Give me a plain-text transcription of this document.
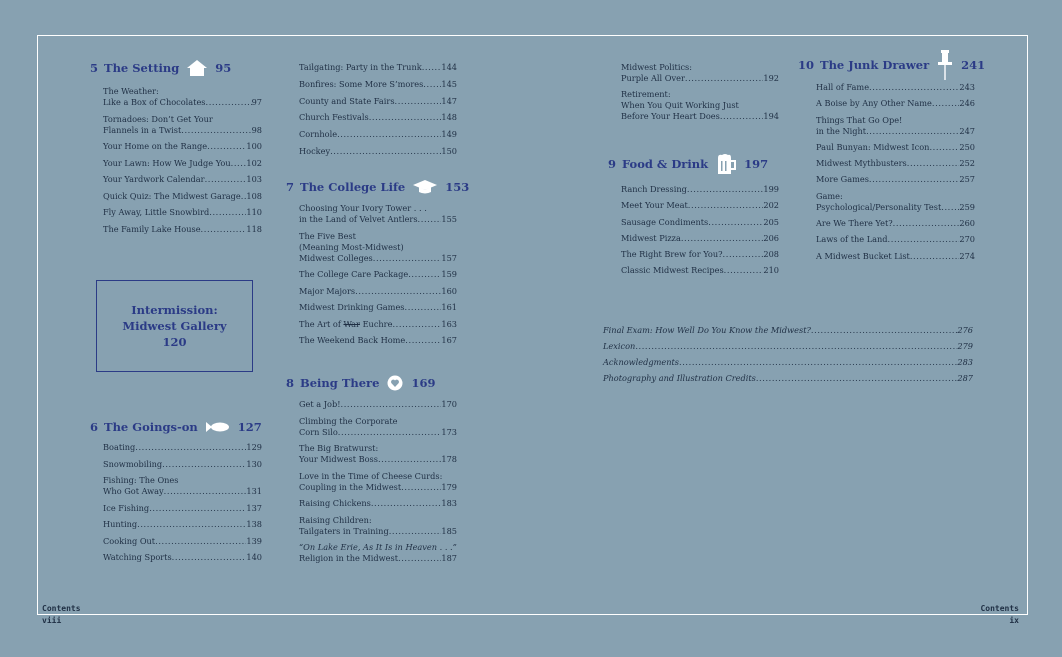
5 The Setting	95
The Weather:
Like a Box of Chocolates . . .	97
Tornadoes: Don’t Get Your
Flannels in a Twist . . .	98
Your Home on the Range . . .	100
Your Lawn: How We Judge You . . . 102
Your Yardwork Calendar . . .	103
Quick Quiz: The Midwest Garage . . . 108
Fly Away, Little Snowbird . . .	110
The Family Lake House . . .	118
Intermission:
Midwest Gallery
120
6 The Goings-on	127
Boating . . .	129
Snowmobiling . . .	130
Fishing: The Ones
Who Got Away . . .	131
Ice Fishing . . .	137
Hunting . . .	138
Cooking Out . . .	139
Watching Sports . . .	140
Tailgating: Party in the Trunk . . . 144
Bonfires: Some More S’mores . . . 145
County and State Fairs . . .	147
Church Festivals . . .	148
Cornhole . . .	149
Hockey . . .	150
7 The College Life	153
Choosing Your Ivory Tower . . .
in the Land of Velvet Antlers . . .	155
The Five Best
(Meaning Most-Midwest)
Midwest Colleges . . .	157
The College Care Package . . .	159
Major Majors . . .	160
Midwest Drinking Games . . .	161
The Art of War Euchre . . .	163
The Weekend Back Home . . .	167
8 Being There	169
Get a Job! . . .	170
Climbing the Corporate
Corn Silo . . .	173
The Big Bratwurst:
Your Midwest Boss . . .	178
Love in the Time of Cheese Curds:
Coupling in the Midwest . . .	179
Raising Chickens . . .	183
Raising Children:
Tailgaters in Training . . .	185
“On Lake Erie, As It Is in Heaven . . .”
Religion in the Midwest . . .	187
Midwest Politics:
Purple All Over . . .	192
Retirement:
When You Quit Working Just
Before Your Heart Does . . .	194
9 Food & Drink	197
Ranch Dressing . . .	199
Meet Your Meat . . .	202
Sausage Condiments . . .	205
Midwest Pizza . . .	206
The Right Brew for You? . . .	208
Classic Midwest Recipes . . .	210
10 The Junk Drawer	241
Hall of Fame . . .	243
A Boise by Any Other Name . . .	246
Things That Go Ope!
in the Night . . .	247
Paul Bunyan: Midwest Icon . . .	250
Midwest Mythbusters . . .	252
More Games . . .	257
Game:
Psychological/Personality Test . . . 259
Are We There Yet? . . .	260
Laws of the Land . . .	270
A Midwest Bucket List . . .	274
Final Exam: How Well Do You Know the Midwest? . . .	276
Lexicon . . .	279
Acknowledgments . . .	283
Photography and Illustration Credits . . .	287
Contents
viii
Contents
ix
